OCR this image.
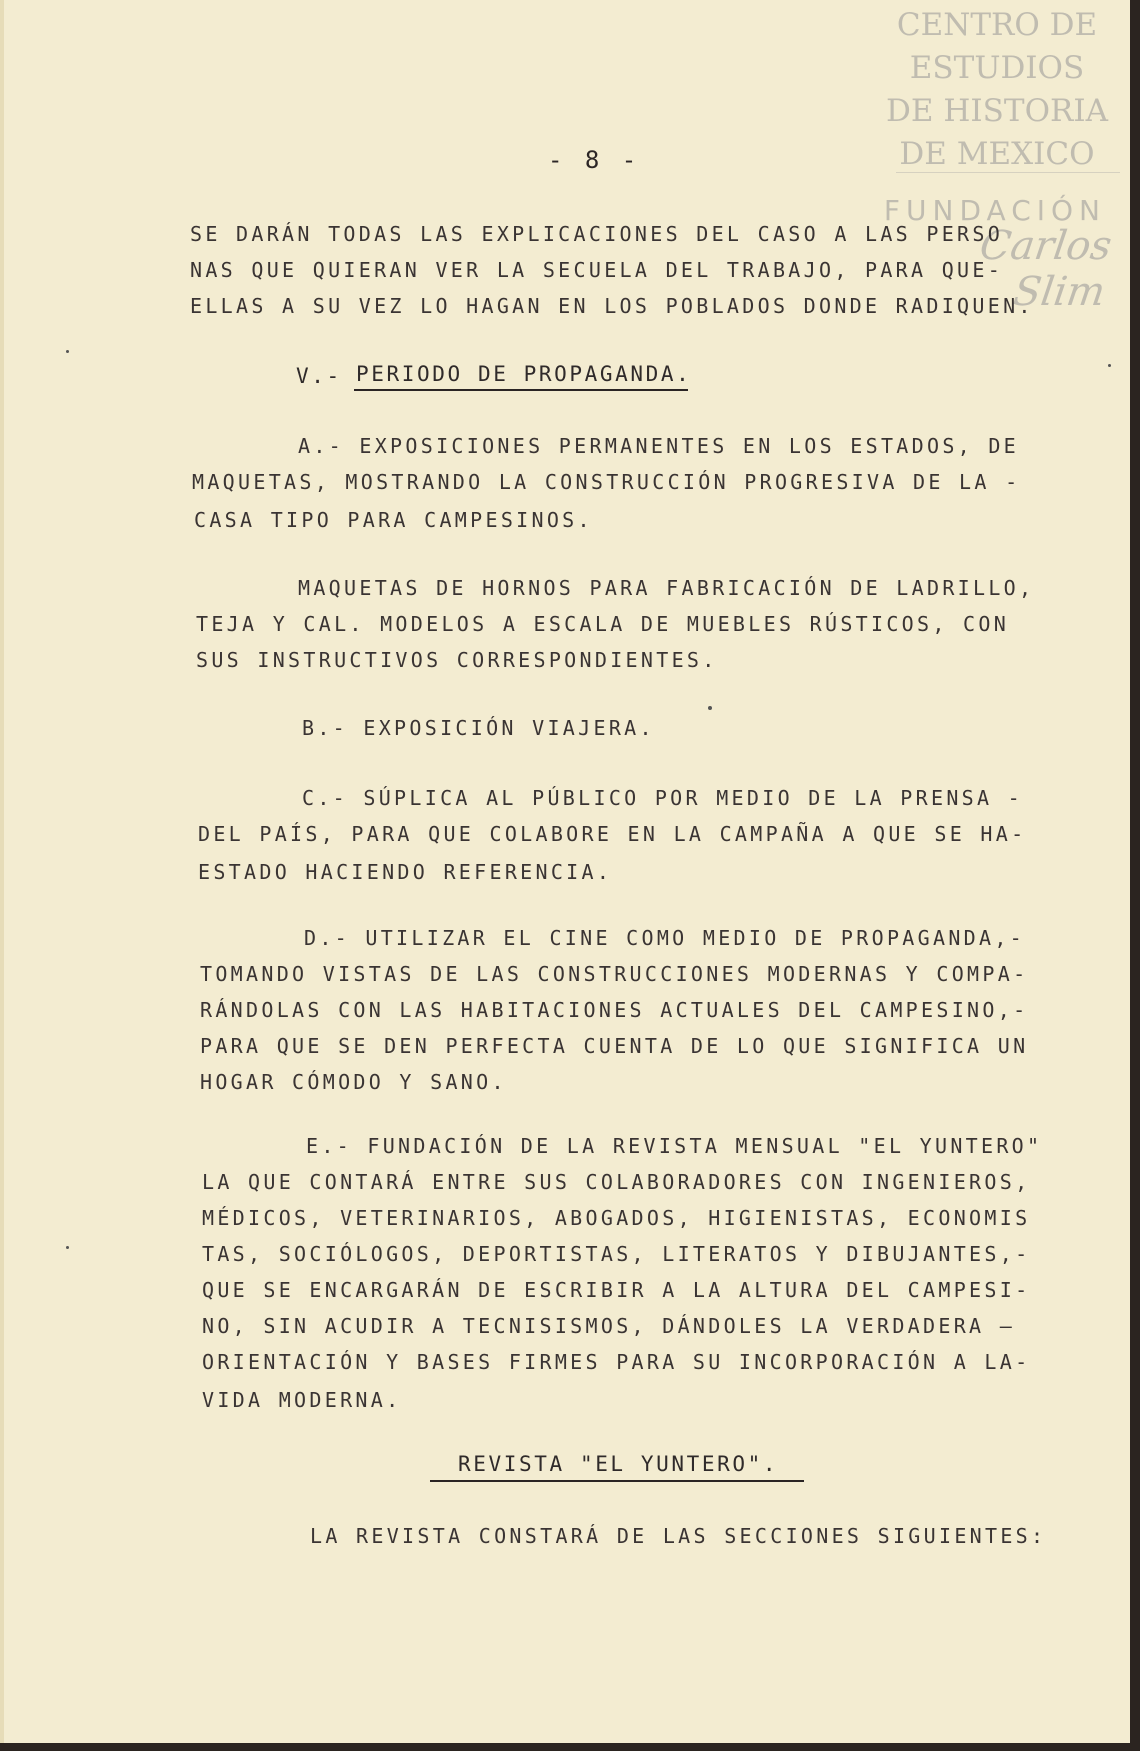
CENTRO DE
ESTUDIOS
DE HISTORIA
DE MEXICO
FUNDACIÓN
Carlos Slim
- 8 -
SE DARÁN TODAS LAS EXPLICACIONES DEL CASO A LAS PERSO
NAS QUE QUIERAN VER LA SECUELA DEL TRABAJO, PARA QUE-
ELLAS A SU VEZ LO HAGAN EN LOS POBLADOS DONDE RADIQUEN.
V.- PERIODO DE PROPAGANDA.
A.- EXPOSICIONES PERMANENTES EN LOS ESTADOS, DE
MAQUETAS, MOSTRANDO LA CONSTRUCCIÓN PROGRESIVA DE LA -
CASA TIPO PARA CAMPESINOS.
MAQUETAS DE HORNOS PARA FABRICACIÓN DE LADRILLO,
TEJA Y CAL. MODELOS A ESCALA DE MUEBLES RÚSTICOS, CON
SUS INSTRUCTIVOS CORRESPONDIENTES.
B.- EXPOSICIÓN VIAJERA.
C.- SÚPLICA AL PÚBLICO POR MEDIO DE LA PRENSA -
DEL PAÍS, PARA QUE COLABORE EN LA CAMPAÑA A QUE SE HA-
ESTADO HACIENDO REFERENCIA.
D.- UTILIZAR EL CINE COMO MEDIO DE PROPAGANDA,-
TOMANDO VISTAS DE LAS CONSTRUCCIONES MODERNAS Y COMPA-
RÁNDOLAS CON LAS HABITACIONES ACTUALES DEL CAMPESINO,-
PARA QUE SE DEN PERFECTA CUENTA DE LO QUE SIGNIFICA UN
HOGAR CÓMODO Y SANO.
E.- FUNDACIÓN DE LA REVISTA MENSUAL "EL YUNTERO"
LA QUE CONTARÁ ENTRE SUS COLABORADORES CON INGENIEROS,
MÉDICOS, VETERINARIOS, ABOGADOS, HIGIENISTAS, ECONOMIS
TAS, SOCIÓLOGOS, DEPORTISTAS, LITERATOS Y DIBUJANTES,-
QUE SE ENCARGARÁN DE ESCRIBIR A LA ALTURA DEL CAMPESI-
NO, SIN ACUDIR A TECNISISMOS, DÁNDOLES LA VERDADERA —
ORIENTACIÓN Y BASES FIRMES PARA SU INCORPORACIÓN A LA-
VIDA MODERNA.
REVISTA "EL YUNTERO".
LA REVISTA CONSTARÁ DE LAS SECCIONES SIGUIENTES:
